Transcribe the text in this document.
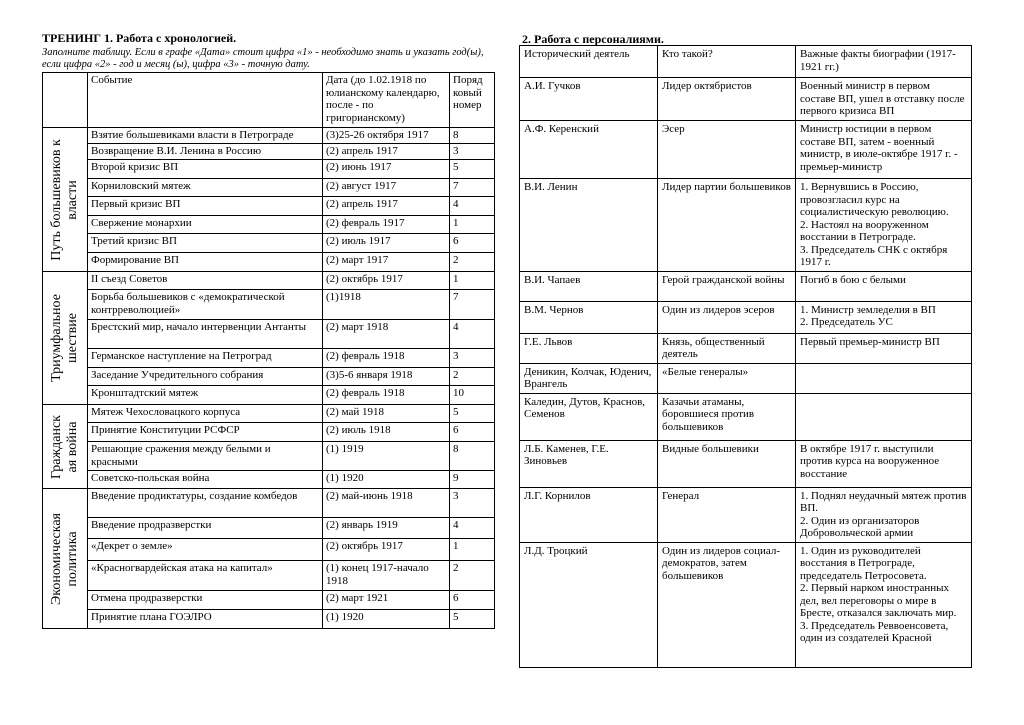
ТРЕНИНГ 1. Работа с хронологией.
Заполните таблицу. Если в графе «Дата» стоит цифра «1» - необходимо знать и указать год(ы), если цифра «2» - год и месяц (ы), цифра «3» - точную дату.
	Событие	Дата (до 1.02.1918 по юлианскому календарю, после - по григорианскому)	Поряд ковый номер

Путь большевиков к власти	Взятие большевиками власти в Петрограде	(3)25-26 октября 1917	8
	Возвращение В.И. Ленина в Россию	(2) апрель 1917	3
	Второй кризис ВП	(2) июнь 1917	5
	Корниловский мятеж	(2) август 1917	7
	Первый кризис ВП	(2) апрель 1917	4
	Свержение монархии	(2) февраль 1917	1
	Третий кризис ВП	(2) июль 1917	6
	Формирование ВП	(2) март 1917	2

Триумфальное шествие	II съезд Советов	(2) октябрь 1917	1
	Борьба большевиков с «демократической контрреволюцией»	(1)1918	7
	Брестский мир, начало интервенции Антанты	(2) март 1918	4
	Германское наступление на Петроград	(2) февраль 1918	3
	Заседание Учредительного собрания	(3)5-6 января 1918	2
	Кронштадтский мятеж	(2) февраль 1918	10

Гражданск ая война	Мятеж Чехословацкого корпуса	(2) май 1918	5
	Принятие Конституции РСФСР	(2) июль 1918	6
	Решающие сражения между белыми и красными	(1) 1919	8
	Советско-польская война	(1) 1920	9

Экономическая политика	Введение продиктатуры, создание комбедов	(2) май-июнь 1918	3
	Введение продразверстки	(2) январь 1919	4
	«Декрет о земле»	(2) октябрь 1917	1
	«Красногвардейская атака на капитал»	(1) конец 1917-начало 1918	2
	Отмена продразверстки	(2) март 1921	6
	Принятие плана ГОЭЛРО	(1) 1920	5
2. Работа с персоналиями.
Исторический деятель	Кто такой?	Важные факты биографии (1917-1921 гг.)
А.И. Гучков	Лидер октябристов	Военный министр в первом составе ВП, ушел в отставку после первого кризиса ВП
А.Ф. Керенский	Эсер	Министр юстиции в первом составе ВП, затем - военный министр, в июле-октябре 1917 г. - премьер-министр
В.И. Ленин	Лидер партии большевиков	1. Вернувшись в Россию, провозгласил курс на социалистическую революцию.
2. Настоял на вооруженном восстании в Петрограде.
3. Председатель СНК с октября 1917 г.
В.И. Чапаев	Герой гражданской войны	Погиб в бою с белыми
В.М. Чернов	Один из лидеров эсеров	1. Министр земледелия в ВП
2. Председатель УС
Г.Е. Львов	Князь, общественный деятель	Первый премьер-министр ВП
Деникин, Колчак, Юденич, Врангель	«Белые генералы»	
Каледин, Дутов, Краснов, Семенов	Казачьи атаманы, боровшиеся против большевиков	
Л.Б. Каменев, Г.Е. Зиновьев	Видные большевики	В октябре 1917 г. выступили против курса на вооруженное восстание
Л.Г. Корнилов	Генерал	1. Поднял неудачный мятеж против ВП.
2. Один из организаторов Добровольческой армии
Л.Д. Троцкий	Один из лидеров социал-демократов, затем большевиков	1. Один из руководителей восстания в Петрограде, председатель Петросовета.
2. Первый нарком иностранных дел, вел переговоры о мире в Бресте, отказался заключать мир.
3. Председатель Реввоенсовета, один из создателей Красной
